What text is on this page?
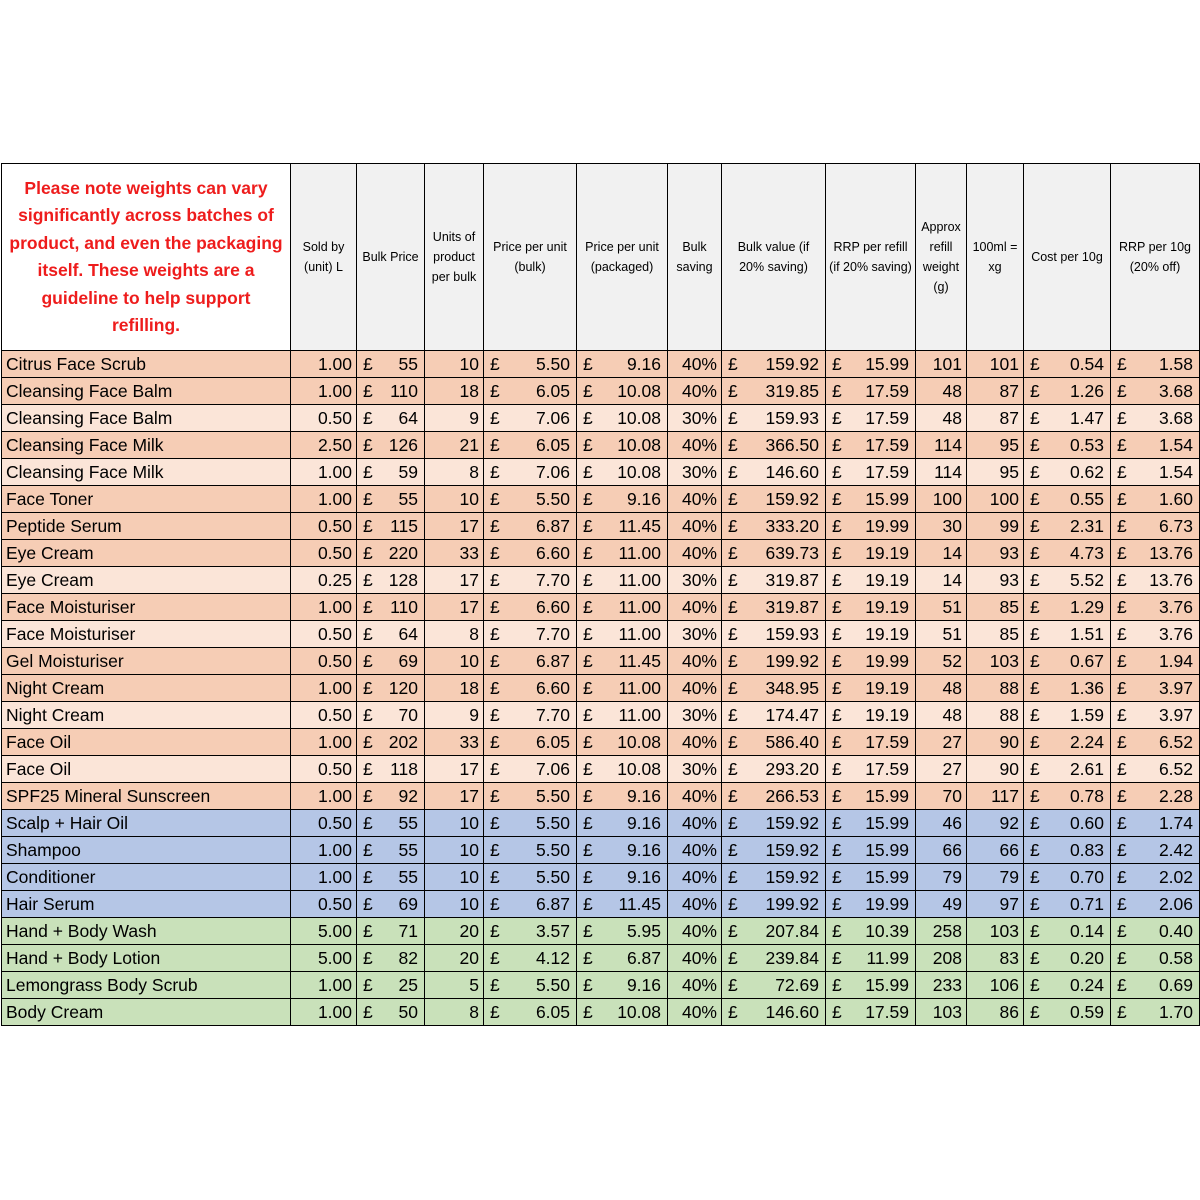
Please note weights can vary significantly across batches of product, and even the packaging itself. These weights are a guideline to help support refilling.	Sold by (unit) L	Bulk Price	Units of product per bulk	Price per unit (bulk)	Price per unit (packaged)	Bulk saving	Bulk value (if 20% saving)	RRP per refill (if 20% saving)	Approx refill weight (g)	100ml = xg	Cost per 10g	RRP per 10g (20% off)
Citrus Face Scrub	1.00	£ 55	10	£ 5.50	£ 9.16	40%	£ 159.92	£ 15.99	101	101	£ 0.54	£ 1.58

Cleansing Face Balm	1.00	£ 110	18	£ 6.05	£ 10.08	40%	£ 319.85	£ 17.59	48	87	£ 1.26	£ 3.68

Cleansing Face Balm	0.50	£ 64	9	£ 7.06	£ 10.08	30%	£ 159.93	£ 17.59	48	87	£ 1.47	£ 3.68

Cleansing Face Milk	2.50	£ 126	21	£ 6.05	£ 10.08	40%	£ 366.50	£ 17.59	114	95	£ 0.53	£ 1.54

Cleansing Face Milk	1.00	£ 59	8	£ 7.06	£ 10.08	30%	£ 146.60	£ 17.59	114	95	£ 0.62	£ 1.54

Face Toner	1.00	£ 55	10	£ 5.50	£ 9.16	40%	£ 159.92	£ 15.99	100	100	£ 0.55	£ 1.60

Peptide Serum	0.50	£ 115	17	£ 6.87	£ 11.45	40%	£ 333.20	£ 19.99	30	99	£ 2.31	£ 6.73

Eye Cream	0.50	£ 220	33	£ 6.60	£ 11.00	40%	£ 639.73	£ 19.19	14	93	£ 4.73	£ 13.76

Eye Cream	0.25	£ 128	17	£ 7.70	£ 11.00	30%	£ 319.87	£ 19.19	14	93	£ 5.52	£ 13.76

Face Moisturiser	1.00	£ 110	17	£ 6.60	£ 11.00	40%	£ 319.87	£ 19.19	51	85	£ 1.29	£ 3.76

Face Moisturiser	0.50	£ 64	8	£ 7.70	£ 11.00	30%	£ 159.93	£ 19.19	51	85	£ 1.51	£ 3.76

Gel Moisturiser	0.50	£ 69	10	£ 6.87	£ 11.45	40%	£ 199.92	£ 19.99	52	103	£ 0.67	£ 1.94

Night Cream	1.00	£ 120	18	£ 6.60	£ 11.00	40%	£ 348.95	£ 19.19	48	88	£ 1.36	£ 3.97

Night Cream	0.50	£ 70	9	£ 7.70	£ 11.00	30%	£ 174.47	£ 19.19	48	88	£ 1.59	£ 3.97

Face Oil	1.00	£ 202	33	£ 6.05	£ 10.08	40%	£ 586.40	£ 17.59	27	90	£ 2.24	£ 6.52

Face Oil	0.50	£ 118	17	£ 7.06	£ 10.08	30%	£ 293.20	£ 17.59	27	90	£ 2.61	£ 6.52

SPF25 Mineral Sunscreen	1.00	£ 92	17	£ 5.50	£ 9.16	40%	£ 266.53	£ 15.99	70	117	£ 0.78	£ 2.28

Scalp + Hair Oil	0.50	£ 55	10	£ 5.50	£ 9.16	40%	£ 159.92	£ 15.99	46	92	£ 0.60	£ 1.74

Shampoo	1.00	£ 55	10	£ 5.50	£ 9.16	40%	£ 159.92	£ 15.99	66	66	£ 0.83	£ 2.42

Conditioner	1.00	£ 55	10	£ 5.50	£ 9.16	40%	£ 159.92	£ 15.99	79	79	£ 0.70	£ 2.02

Hair Serum	0.50	£ 69	10	£ 6.87	£ 11.45	40%	£ 199.92	£ 19.99	49	97	£ 0.71	£ 2.06

Hand + Body Wash	5.00	£ 71	20	£ 3.57	£ 5.95	40%	£ 207.84	£ 10.39	258	103	£ 0.14	£ 0.40

Hand + Body Lotion	5.00	£ 82	20	£ 4.12	£ 6.87	40%	£ 239.84	£ 11.99	208	83	£ 0.20	£ 0.58

Lemongrass Body Scrub	1.00	£ 25	5	£ 5.50	£ 9.16	40%	£ 72.69	£ 15.99	233	106	£ 0.24	£ 0.69

Body Cream	1.00	£ 50	8	£ 6.05	£ 10.08	40%	£ 146.60	£ 17.59	103	86	£ 0.59	£ 1.70
